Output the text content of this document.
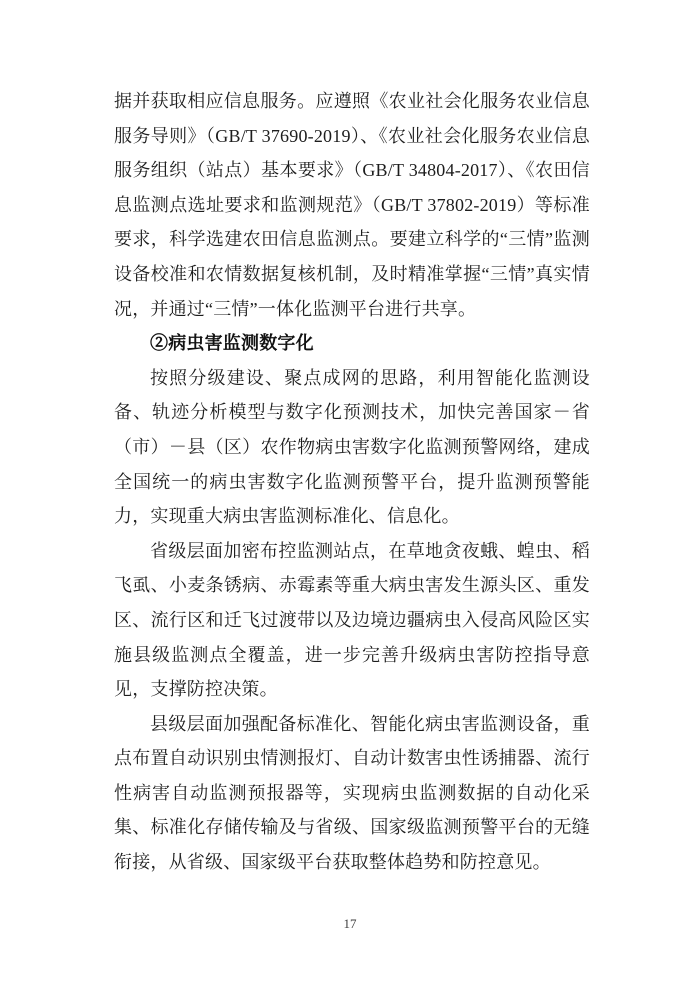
据并获取相应信息服务。应遵照《农业社会化服务农业信息服务导则》（GB/T 37690-2019）、《农业社会化服务农业信息服务组织（站点）基本要求》（GB/T 34804-2017）、《农田信息监测点选址要求和监测规范》（GB/T 37802-2019）等标准要求，科学选建农田信息监测点。要建立科学的“三情”监测设备校准和农情数据复核机制，及时精准掌握“三情”真实情况，并通过“三情”一体化监测平台进行共享。

②病虫害监测数字化

按照分级建设、聚点成网的思路，利用智能化监测设备、轨迹分析模型与数字化预测技术，加快完善国家－省（市）－县（区）农作物病虫害数字化监测预警网络，建成全国统一的病虫害数字化监测预警平台，提升监测预警能力，实现重大病虫害监测标准化、信息化。

省级层面加密布控监测站点，在草地贪夜蛾、蝗虫、稻飞虱、小麦条锈病、赤霉素等重大病虫害发生源头区、重发区、流行区和迁飞过渡带以及边境边疆病虫入侵高风险区实施县级监测点全覆盖，进一步完善升级病虫害防控指导意见，支撑防控决策。

县级层面加强配备标准化、智能化病虫害监测设备，重点布置自动识别虫情测报灯、自动计数害虫性诱捕器、流行性病害自动监测预报器等，实现病虫监测数据的自动化采集、标准化存储传输及与省级、国家级监测预警平台的无缝衔接，从省级、国家级平台获取整体趋势和防控意见。

17
